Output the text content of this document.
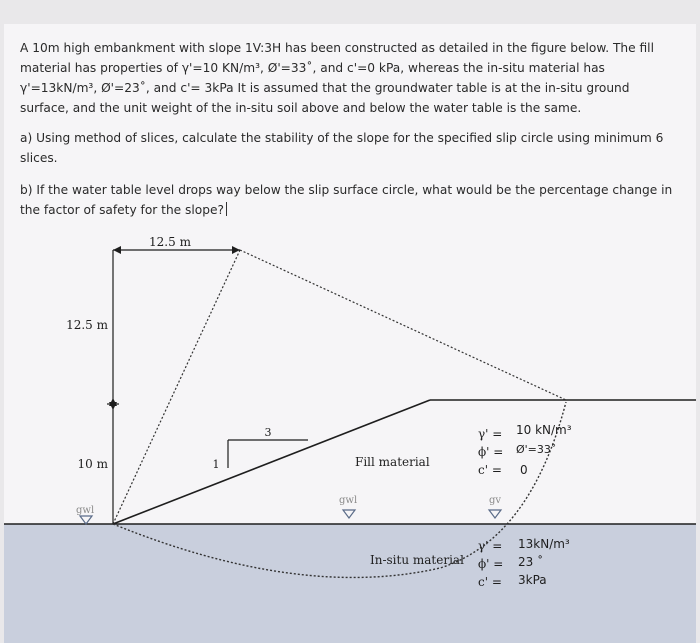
A 10m high embankment with slope 1V:3H has been constructed as detailed in the figure below. The fill material has properties of γ'=10 KN/m³, Ø'=33˚, and c'=0 kPa, whereas the in-situ material has γ'=13kN/m³, Ø'=23˚, and c'= 3kPa It is assumed that the groundwater table is at the in-situ ground surface, and the unit weight of the in-situ soil above and below the water table is the same.

a) Using method of slices, calculate the stability of the slope for the specified slip circle using minimum 6 slices.

b) If the water table level drops way below the slip surface circle, what would be the percentage change in the factor of safety for the slope?

12.5 m
12.5 m
10 m
3
1	Fill material
In-situ material
gwl
gwl	gv
γ' =
ϕ' =
c' =
10 kN/m³
Ø'=33˚
0
γ' =
ϕ' =
c' =
13kN/m³
23 ˚
3kPa
